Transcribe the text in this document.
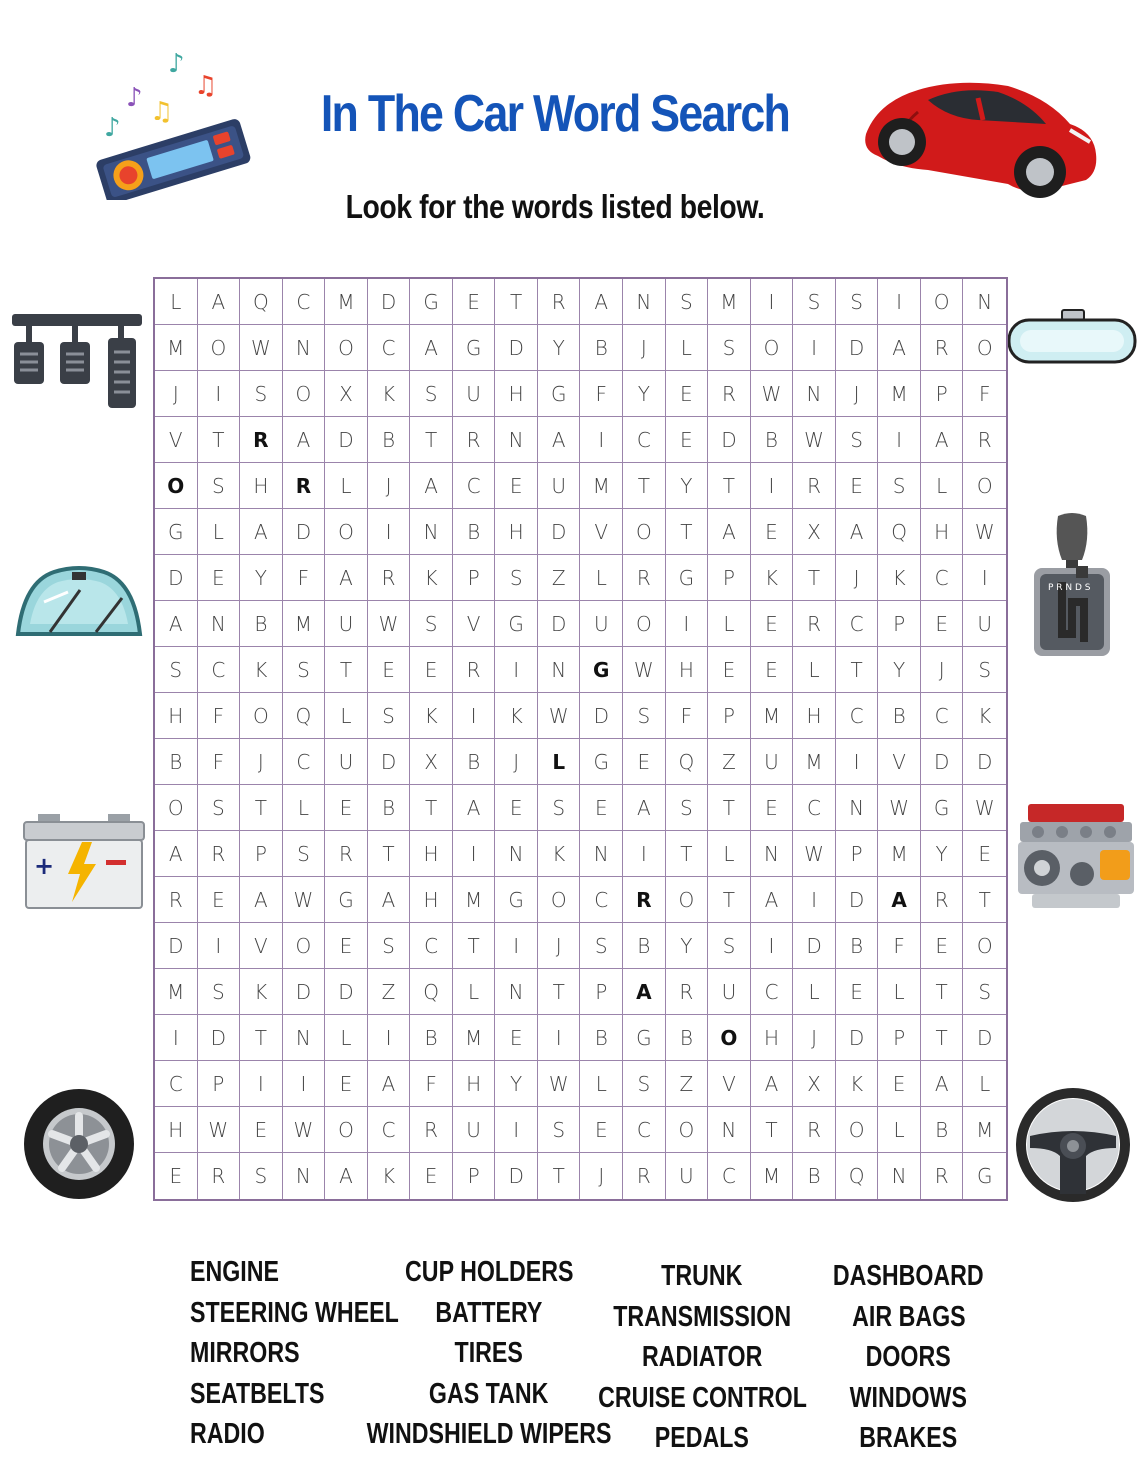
In The Car Word Search
Look for the words listed below.
♪
♪ ♫
♪
♫
P R N D S
+
L	A	Q	C	M	D	G	E	T	R	A	N	S	M	I	S	S	I	O	N
M	O	W	N	O	C	A	G	D	Y	B	J	L	S	O	I	D	A	R	O
J	I	S	O	X	K	S	U	H	G	F	Y	E	R	W	N	J	M	P	F
V	T	R	A	D	B	T	R	N	A	I	C	E	D	B	W	S	I	A	R
O	S	H	R	L	J	A	C	E	U	M	T	Y	T	I	R	E	S	L	O
G	L	A	D	O	I	N	B	H	D	V	O	T	A	E	X	A	Q	H	W
D	E	Y	F	A	R	K	P	S	Z	L	R	G	P	K	T	J	K	C	I
A	N	B	M	U	W	S	V	G	D	U	O	I	L	E	R	C	P	E	U
S	C	K	S	T	E	E	R	I	N	G	W	H	E	E	L	T	Y	J	S
H	F	O	Q	L	S	K	I	K	W	D	S	F	P	M	H	C	B	C	K
B	F	J	C	U	D	X	B	J	L	G	E	Q	Z	U	M	I	V	D	D
O	S	T	L	E	B	T	A	E	S	E	A	S	T	E	C	N	W	G	W
A	R	P	S	R	T	H	I	N	K	N	I	T	L	N	W	P	M	Y	E
R	E	A	W	G	A	H	M	G	O	C	R	O	T	A	I	D	A	R	T
D	I	V	O	E	S	C	T	I	J	S	B	Y	S	I	D	B	F	E	O
M	S	K	D	D	Z	Q	L	N	T	P	A	R	U	C	L	E	L	T	S
I	D	T	N	L	I	B	M	E	I	B	G	B	O	H	J	D	P	T	D
C	P	I	I	E	A	F	H	Y	W	L	S	Z	V	A	X	K	E	A	L
H	W	E	W	O	C	R	U	I	S	E	C	O	N	T	R	O	L	B	M
E	R	S	N	A	K	E	P	D	T	J	R	U	C	M	B	Q	N	R	G
ENGINE
STEERING WHEEL
MIRRORS
SEATBELTS
RADIO
CUP HOLDERS
BATTERY
TIRES
GAS TANK
WINDSHIELD WIPERS
TRUNK
TRANSMISSION
RADIATOR
CRUISE CONTROL
PEDALS
DASHBOARD
AIR BAGS
DOORS
WINDOWS
BRAKES
